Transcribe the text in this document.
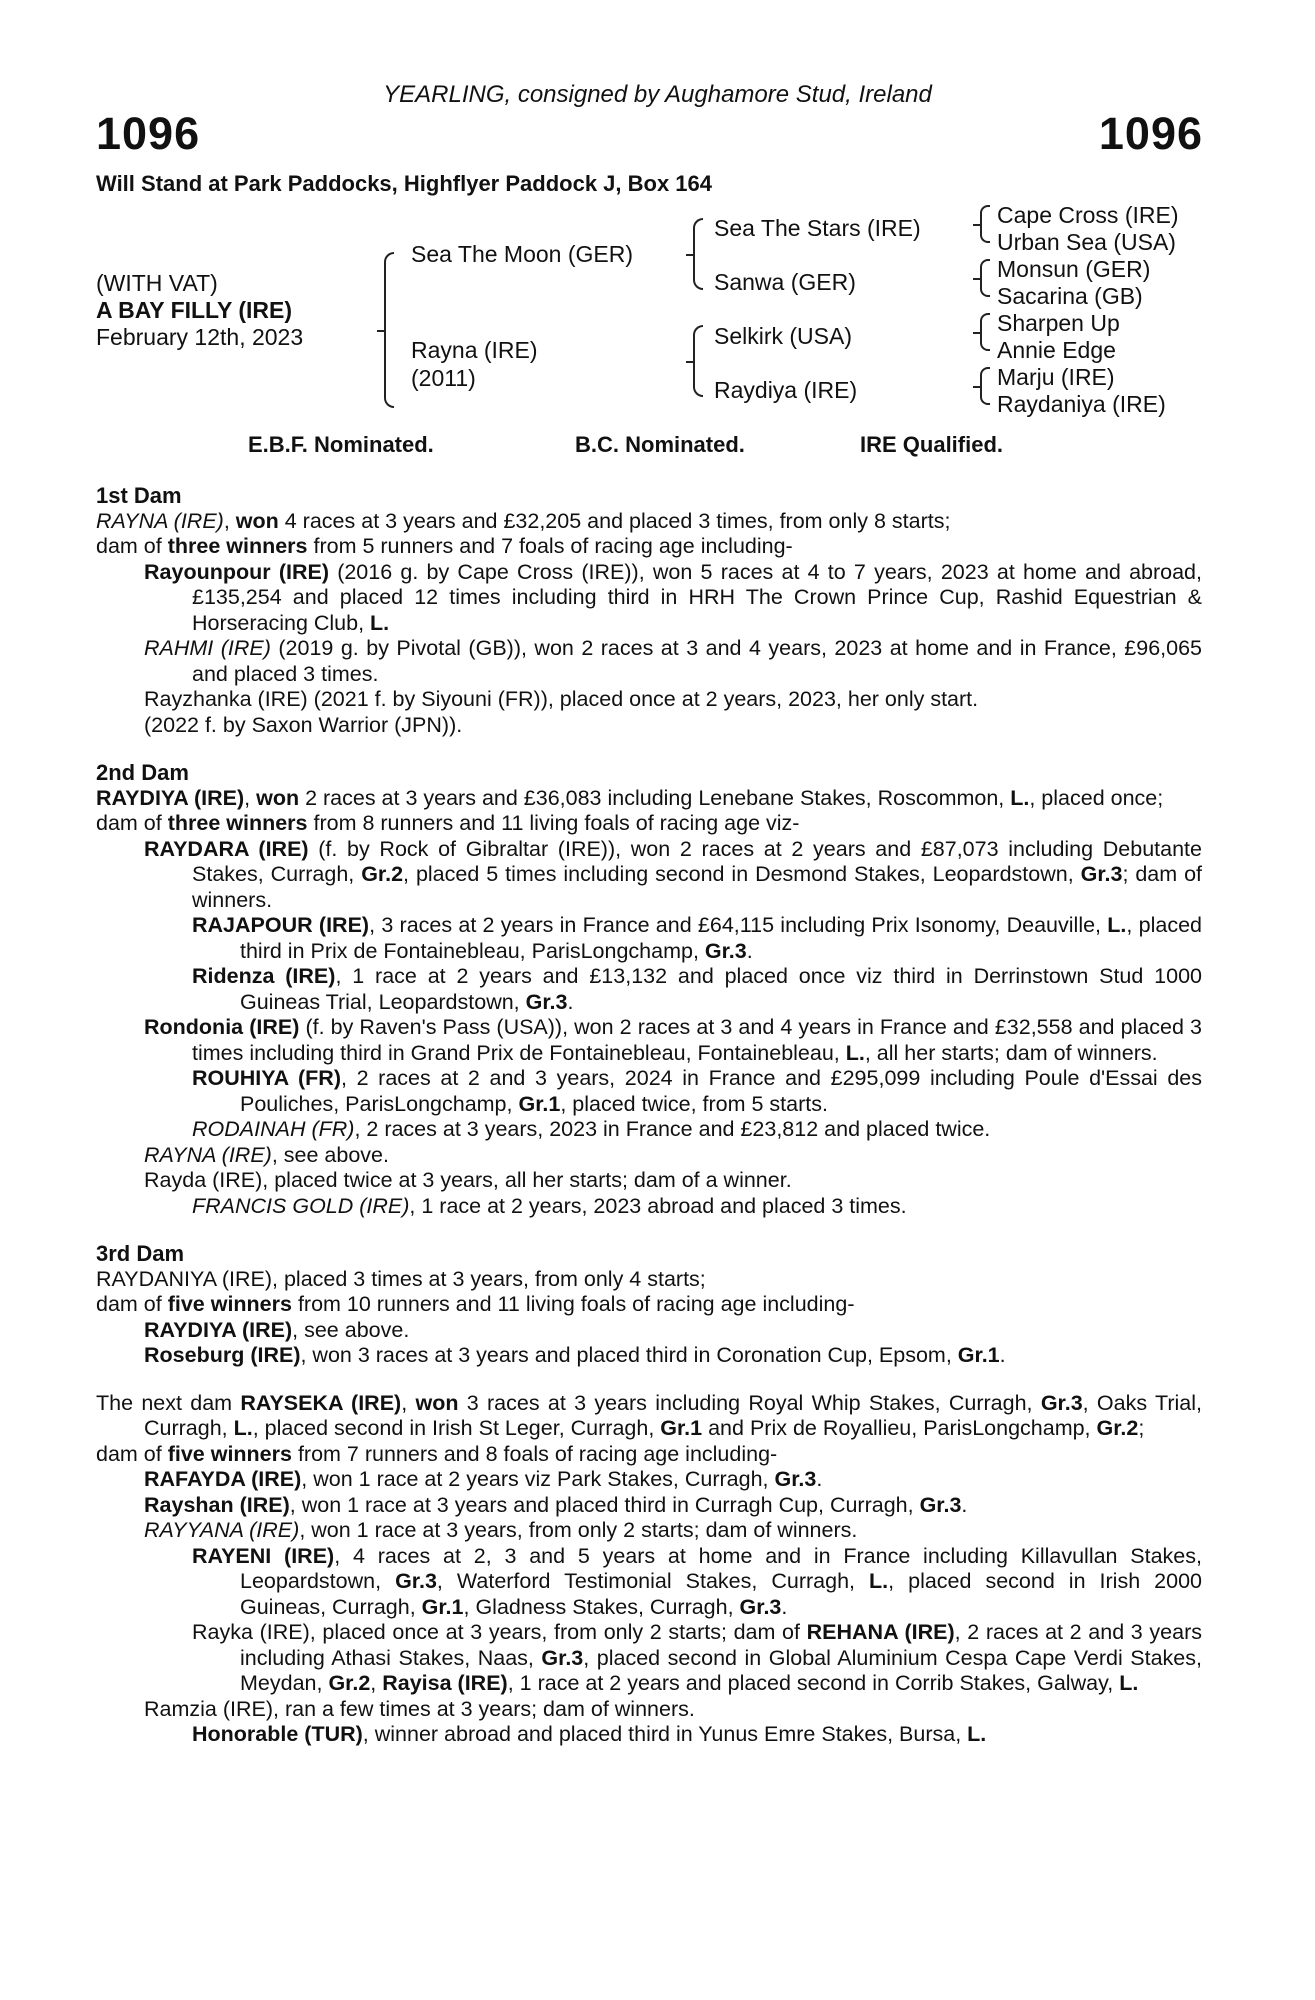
YEARLING, consigned by Aughamore Stud, Ireland
1096	1096
Will Stand at Park Paddocks, Highflyer Paddock J, Box 164
(WITH VAT)
A BAY FILLY (IRE)
February 12th, 2023
Sea The Moon (GER)
Rayna (IRE)
(2011)
Sea The Stars (IRE)
Sanwa (GER)
Selkirk (USA)
Raydiya (IRE)
Cape Cross (IRE)
Urban Sea (USA)
Monsun (GER)
Sacarina (GB)
Sharpen Up
Annie Edge
Marju (IRE)
Raydaniya (IRE)
E.B.F. Nominated.	B.C. Nominated.	IRE Qualified.
1st Dam

RAYNA (IRE), won 4 races at 3 years and £32,205 and placed 3 times, from only 8 starts;

dam of three winners from 5 runners and 7 foals of racing age including-

Rayounpour (IRE) (2016 g. by Cape Cross (IRE)), won 5 races at 4 to 7 years, 2023 at home and abroad, £135,254 and placed 12 times including third in HRH The Crown Prince Cup, Rashid Equestrian & Horseracing Club, L.

RAHMI (IRE) (2019 g. by Pivotal (GB)), won 2 races at 3 and 4 years, 2023 at home and in France, £96,065 and placed 3 times.

Rayzhanka (IRE) (2021 f. by Siyouni (FR)), placed once at 2 years, 2023, her only start.

(2022 f. by Saxon Warrior (JPN)).

2nd Dam

RAYDIYA (IRE), won 2 races at 3 years and £36,083 including Lenebane Stakes, Roscommon, L., placed once;

dam of three winners from 8 runners and 11 living foals of racing age viz-

RAYDARA (IRE) (f. by Rock of Gibraltar (IRE)), won 2 races at 2 years and £87,073 including Debutante Stakes, Curragh, Gr.2, placed 5 times including second in Desmond Stakes, Leopardstown, Gr.3; dam of winners.

RAJAPOUR (IRE), 3 races at 2 years in France and £64,115 including Prix Isonomy, Deauville, L., placed third in Prix de Fontainebleau, ParisLongchamp, Gr.3.

Ridenza (IRE), 1 race at 2 years and £13,132 and placed once viz third in Derrinstown Stud 1000 Guineas Trial, Leopardstown, Gr.3.

Rondonia (IRE) (f. by Raven's Pass (USA)), won 2 races at 3 and 4 years in France and £32,558 and placed 3 times including third in Grand Prix de Fontainebleau, Fontainebleau, L., all her starts; dam of winners.

ROUHIYA (FR), 2 races at 2 and 3 years, 2024 in France and £295,099 including Poule d'Essai des Pouliches, ParisLongchamp, Gr.1, placed twice, from 5 starts.

RODAINAH (FR), 2 races at 3 years, 2023 in France and £23,812 and placed twice.

RAYNA (IRE), see above.

Rayda (IRE), placed twice at 3 years, all her starts; dam of a winner.

FRANCIS GOLD (IRE), 1 race at 2 years, 2023 abroad and placed 3 times.

3rd Dam

RAYDANIYA (IRE), placed 3 times at 3 years, from only 4 starts;

dam of five winners from 10 runners and 11 living foals of racing age including-

RAYDIYA (IRE), see above.

Roseburg (IRE), won 3 races at 3 years and placed third in Coronation Cup, Epsom, Gr.1.

The next dam RAYSEKA (IRE), won 3 races at 3 years including Royal Whip Stakes, Curragh, Gr.3, Oaks Trial, Curragh, L., placed second in Irish St Leger, Curragh, Gr.1 and Prix de Royallieu, ParisLongchamp, Gr.2;

dam of five winners from 7 runners and 8 foals of racing age including-

RAFAYDA (IRE), won 1 race at 2 years viz Park Stakes, Curragh, Gr.3.

Rayshan (IRE), won 1 race at 3 years and placed third in Curragh Cup, Curragh, Gr.3.

RAYYANA (IRE), won 1 race at 3 years, from only 2 starts; dam of winners.

RAYENI (IRE), 4 races at 2, 3 and 5 years at home and in France including Killavullan Stakes, Leopardstown, Gr.3, Waterford Testimonial Stakes, Curragh, L., placed second in Irish 2000 Guineas, Curragh, Gr.1, Gladness Stakes, Curragh, Gr.3.

Rayka (IRE), placed once at 3 years, from only 2 starts; dam of REHANA (IRE), 2 races at 2 and 3 years including Athasi Stakes, Naas, Gr.3, placed second in Global Aluminium Cespa Cape Verdi Stakes, Meydan, Gr.2, Rayisa (IRE), 1 race at 2 years and placed second in Corrib Stakes, Galway, L.

Ramzia (IRE), ran a few times at 3 years; dam of winners.

Honorable (TUR), winner abroad and placed third in Yunus Emre Stakes, Bursa, L.
